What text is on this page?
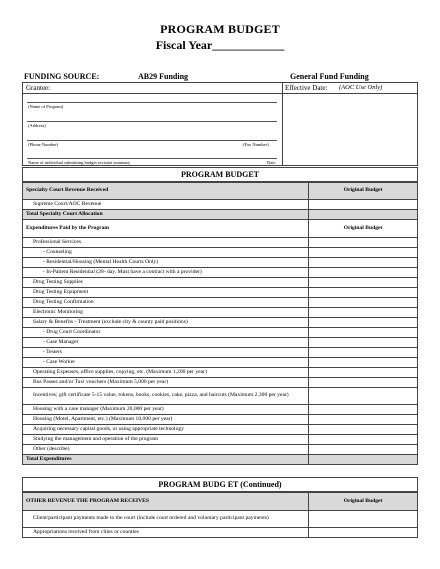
PROGRAM BUDGET
Fiscal Year____________
FUNDING SOURCE:	AB29 Funding	General Fund Funding
Grantee:	Effective Date: (AOC Use Only)
(Name of Program)
(Address)
(Phone Number)	(Fax Number)
Name of individual submitting budget revision summary	Date
PROGRAM BUDGET
Specialty Court Revenue Received	Original Budget
Supreme Court/AOC Revenue	
Total Specialty Court Allocation	
Expenditures Paid by the Program	Original Budget
Professional Services	
- Counseling	
- Residential/Housing (Mental Health Courts Only)	
- In-Patient Residential (28- day. Must have a contract with a provider)	
Drug Testing Supplies	
Drug Testing Equipment	
Drug Testing Confirmation	
Electronic Monitoring	
Salary & Benefits - Treatment (exclude city & county paid positions)	
- Drug Court Coordinator	
- Case Manager	
- Testers	
- Case Worker	
Operating Expenses, office supplies, copying, etc. (Maximum 1,200 per year)	
Bus Passes and/or Taxi vouchers (Maximum 5,000 per year)	
Incentives; gift certificate 5-15 value, tokens, books, cookies, cake, pizza, and haircuts (Maximum 2,300 per year)	
Housing with a case manager (Maximum 20,000 per year)	
Housing (Motel, Apartment, etc.) (Maximum 10,000 per year)	
Acquiring necessary capital goods, or using appropriate technology	
Studying the management and operation of the program	
Other (describe)	
Total Expenditures	
PROGRAM BUDG ET (Continued)
OTHER REVENUE THE PROGRAM RECEIVES	Original Budget
Client/participant payments made to the court (include court ordered and voluntary participant payments)	
Appropriations received from cities or counties	
